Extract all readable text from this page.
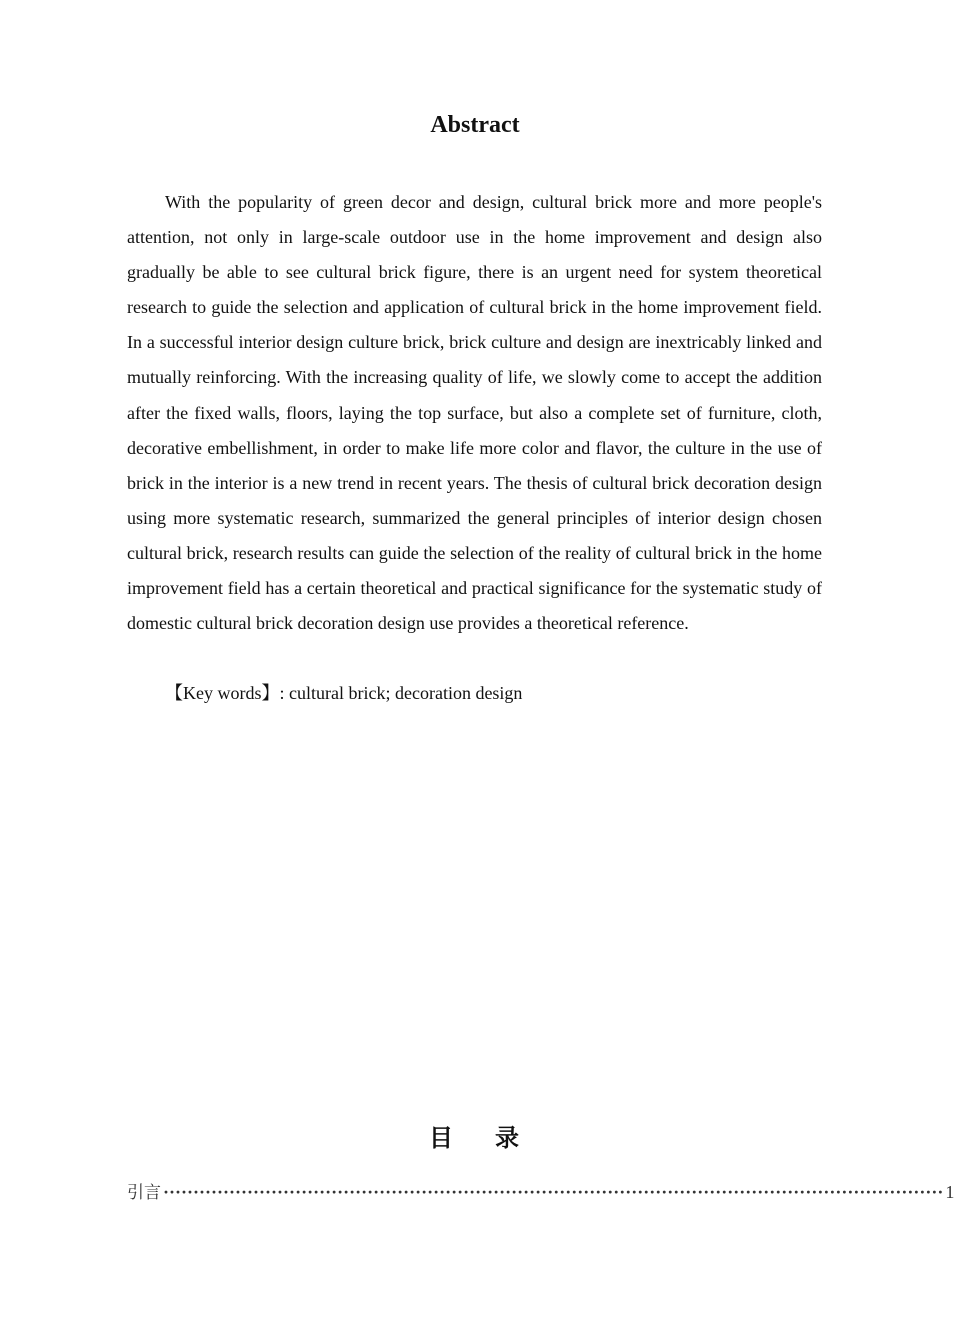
Abstract

With the popularity of green decor and design, cultural brick more and more people's attention, not only in large-scale outdoor use in the home improvement and design also gradually be able to see cultural brick figure, there is an urgent need for system theoretical research to guide the selection and application of cultural brick in the home improvement field. In a successful interior design culture brick, brick culture and design are inextricably linked and mutually reinforcing. With the increasing quality of life, we slowly come to accept the addition after the fixed walls, floors, laying the top surface, but also a complete set of furniture, cloth, decorative embellishment, in order to make life more color and flavor, the culture in the use of brick in the interior is a new trend in recent years. The thesis of cultural brick decoration design using more systematic research, summarized the general principles of interior design chosen cultural brick, research results can guide the selection of the reality of cultural brick in the home improvement field has a certain theoretical and practical significance for the systematic study of domestic cultural brick decoration design use provides a theoretical reference.

【Key words】: cultural brick; decoration design

目 录
引言 ·································································································································· 1
